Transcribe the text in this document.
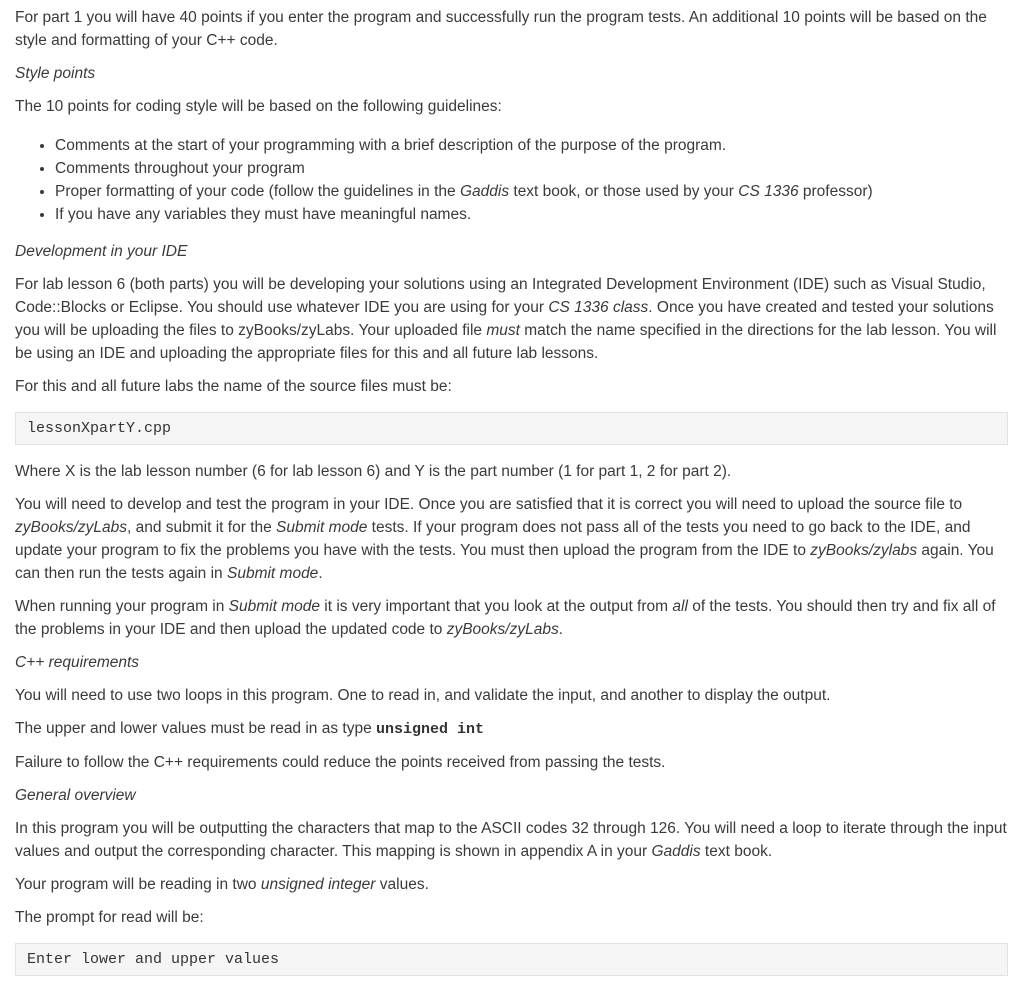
For part 1 you will have 40 points if you enter the program and successfully run the program tests. An additional 10 points will be based on the style and formatting of your C++ code.

Style points

The 10 points for coding style will be based on the following guidelines:

• Comments at the start of your programming with a brief description of the purpose of the program.
• Comments throughout your program
• Proper formatting of your code (follow the guidelines in the Gaddis text book, or those used by your CS 1336 professor)
• If you have any variables they must have meaningful names.

Development in your IDE

For lab lesson 6 (both parts) you will be developing your solutions using an Integrated Development Environment (IDE) such as Visual Studio, Code::Blocks or Eclipse. You should use whatever IDE you are using for your CS 1336 class. Once you have created and tested your solutions you will be uploading the files to zyBooks/zyLabs. Your uploaded file must match the name specified in the directions for the lab lesson. You will be using an IDE and uploading the appropriate files for this and all future lab lessons.

For this and all future labs the name of the source files must be:

lessonXpartY.cpp

Where X is the lab lesson number (6 for lab lesson 6) and Y is the part number (1 for part 1, 2 for part 2).

You will need to develop and test the program in your IDE. Once you are satisfied that it is correct you will need to upload the source file to zyBooks/zyLabs, and submit it for the Submit mode tests. If your program does not pass all of the tests you need to go back to the IDE, and update your program to fix the problems you have with the tests. You must then upload the program from the IDE to zyBooks/zylabs again. You can then run the tests again in Submit mode.

When running your program in Submit mode it is very important that you look at the output from all of the tests. You should then try and fix all of the problems in your IDE and then upload the updated code to zyBooks/zyLabs.

C++ requirements

You will need to use two loops in this program. One to read in, and validate the input, and another to display the output.

The upper and lower values must be read in as type unsigned int

Failure to follow the C++ requirements could reduce the points received from passing the tests.

General overview

In this program you will be outputting the characters that map to the ASCII codes 32 through 126. You will need a loop to iterate through the input values and output the corresponding character. This mapping is shown in appendix A in your Gaddis text book.

Your program will be reading in two unsigned integer values.

The prompt for read will be:

Enter lower and upper values
